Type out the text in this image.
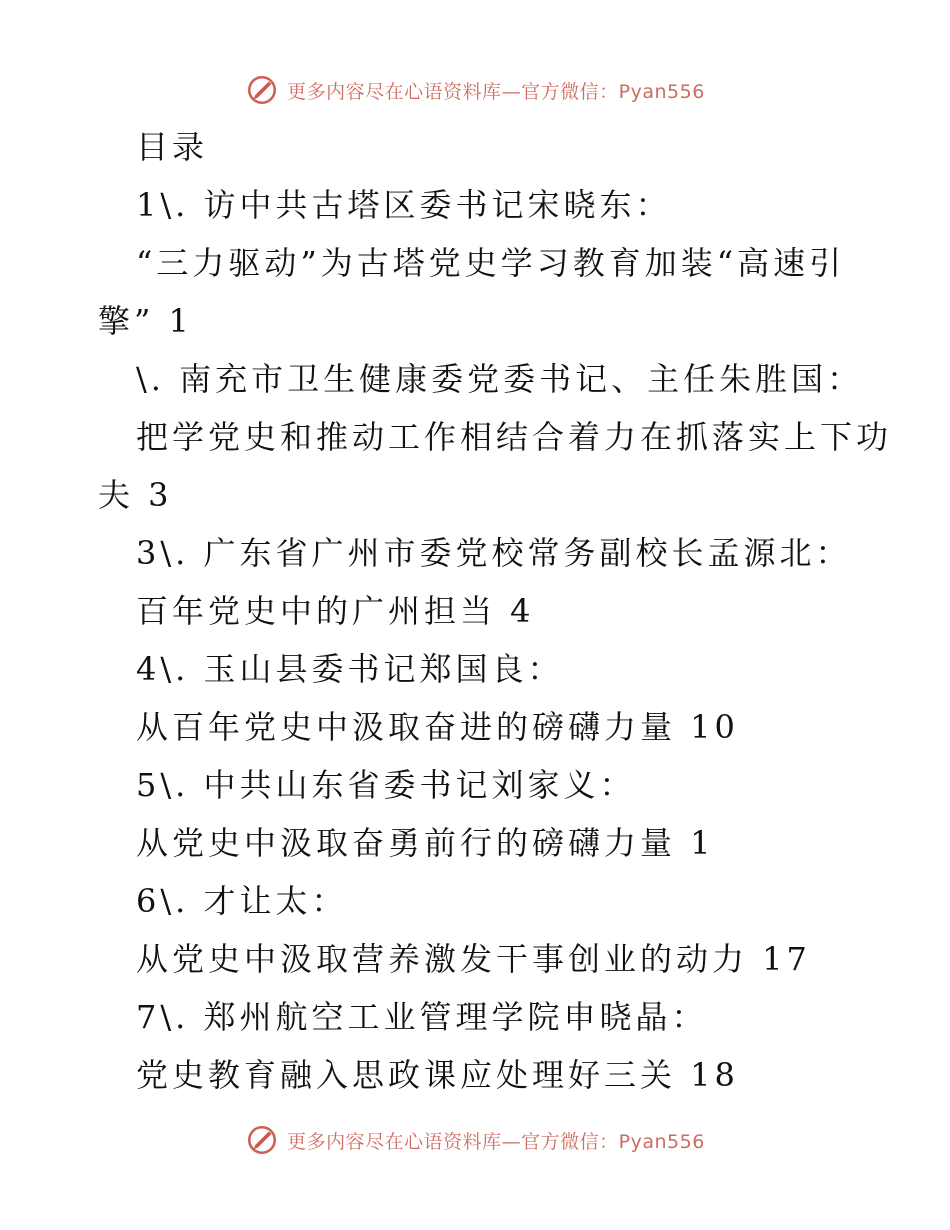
更多内容尽在心语资料库—官方微信：Pyan556
目录
1\. 访中共古塔区委书记宋晓东：
“三力驱动”为古塔党史学习教育加装“高速引
擎” 1
\. 南充市卫生健康委党委书记、主任朱胜国：
把学党史和推动工作相结合着力在抓落实上下功
夫 3
3\. 广东省广州市委党校常务副校长孟源北：
百年党史中的广州担当 4
4\. 玉山县委书记郑国良：
从百年党史中汲取奋进的磅礴力量 10
5\. 中共山东省委书记刘家义：
从党史中汲取奋勇前行的磅礴力量 1
6\. 才让太：
从党史中汲取营养激发干事创业的动力 17
7\. 郑州航空工业管理学院申晓晶：
党史教育融入思政课应处理好三关 18
更多内容尽在心语资料库—官方微信：Pyan556
